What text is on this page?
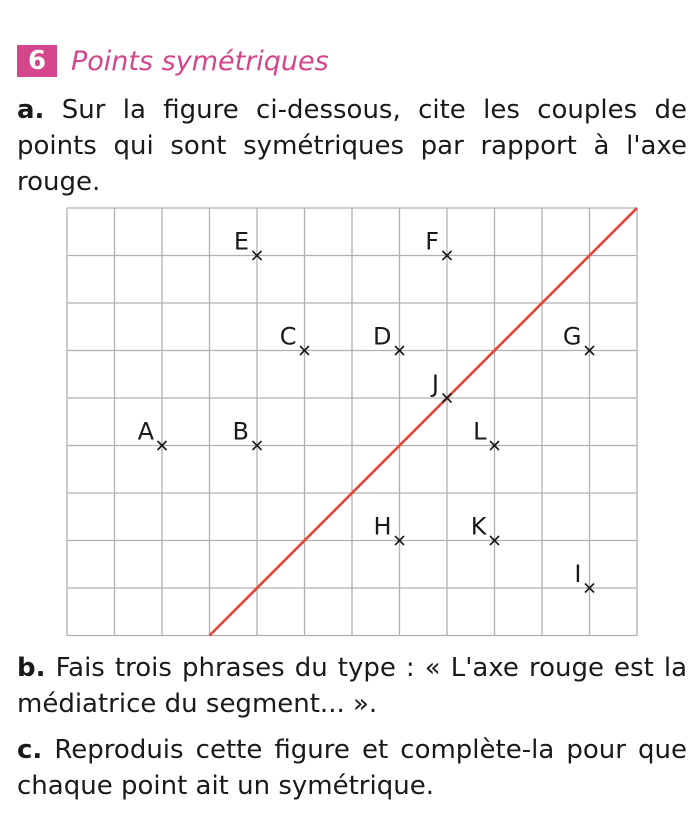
6 Points symétriques

a. Sur la figure ci-dessous, cite les couples de points qui sont symétriques par rapport à l'axe rouge.

E	F
C	D	G
J
A	B	L
H	K
I

b. Fais trois phrases du type : « L'axe rouge est la médiatrice du segment... ».

c. Reproduis cette figure et complète-la pour que chaque point ait un symétrique.
